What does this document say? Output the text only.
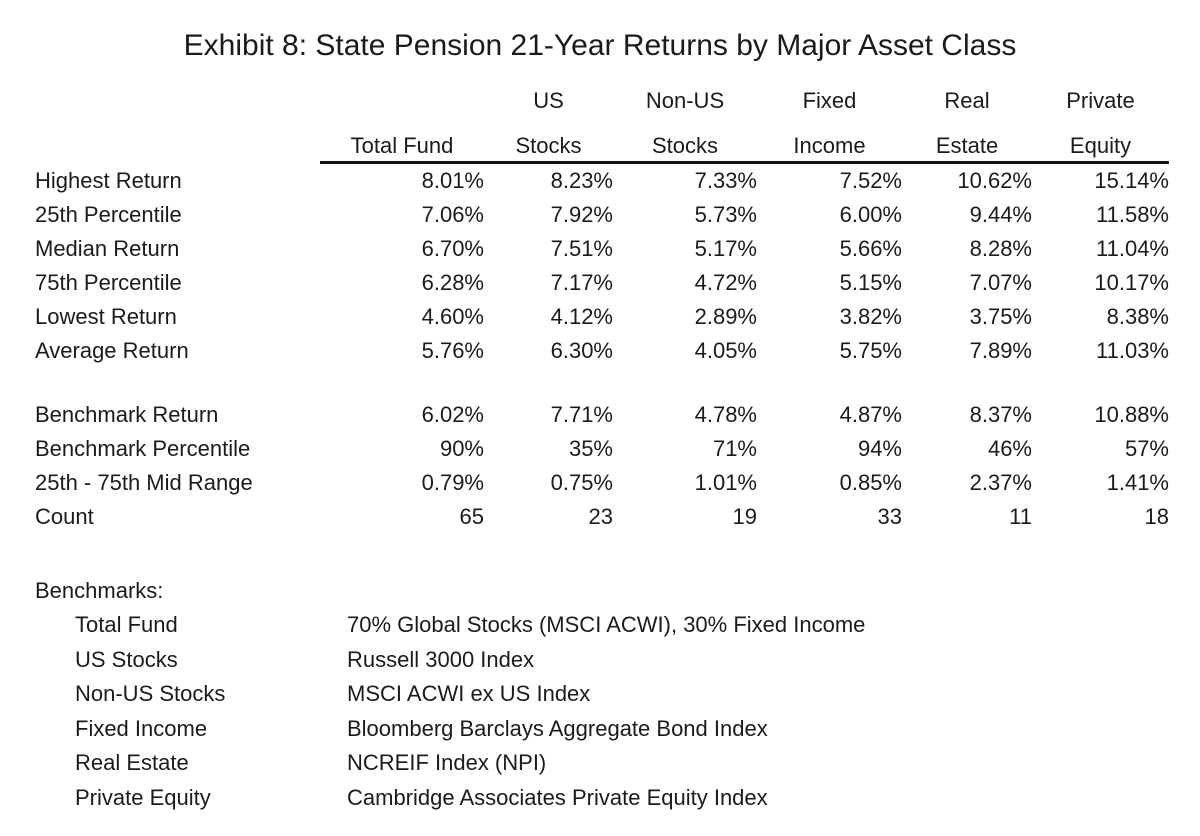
Exhibit 8: State Pension 21-Year Returns by Major Asset Class
		US	Non-US	Fixed	Real	Private

	Total Fund	Stocks	Stocks	Income	Estate	Equity

Highest Return	8.01%	8.23%	7.33%	7.52%	10.62%	15.14%
25th Percentile	7.06%	7.92%	5.73%	6.00%	9.44%	11.58%
Median Return	6.70%	7.51%	5.17%	5.66%	8.28%	11.04%
75th Percentile	6.28%	7.17%	4.72%	5.15%	7.07%	10.17%
Lowest Return	4.60%	4.12%	2.89%	3.82%	3.75%	8.38%
Average Return	5.76%	6.30%	4.05%	5.75%	7.89%	11.03%

Benchmark Return	6.02%	7.71%	4.78%	4.87%	8.37%	10.88%
Benchmark Percentile	90%	35%	71%	94%	46%	57%
25th - 75th Mid Range	0.79%	0.75%	1.01%	0.85%	2.37%	1.41%
Count	65	23	19	33	11	18
Benchmarks:
Total Fund	70% Global Stocks (MSCI ACWI), 30% Fixed Income
US Stocks	Russell 3000 Index
Non-US Stocks	MSCI ACWI ex US Index
Fixed Income	Bloomberg Barclays Aggregate Bond Index
Real Estate	NCREIF Index (NPI)
Private Equity	Cambridge Associates Private Equity Index
